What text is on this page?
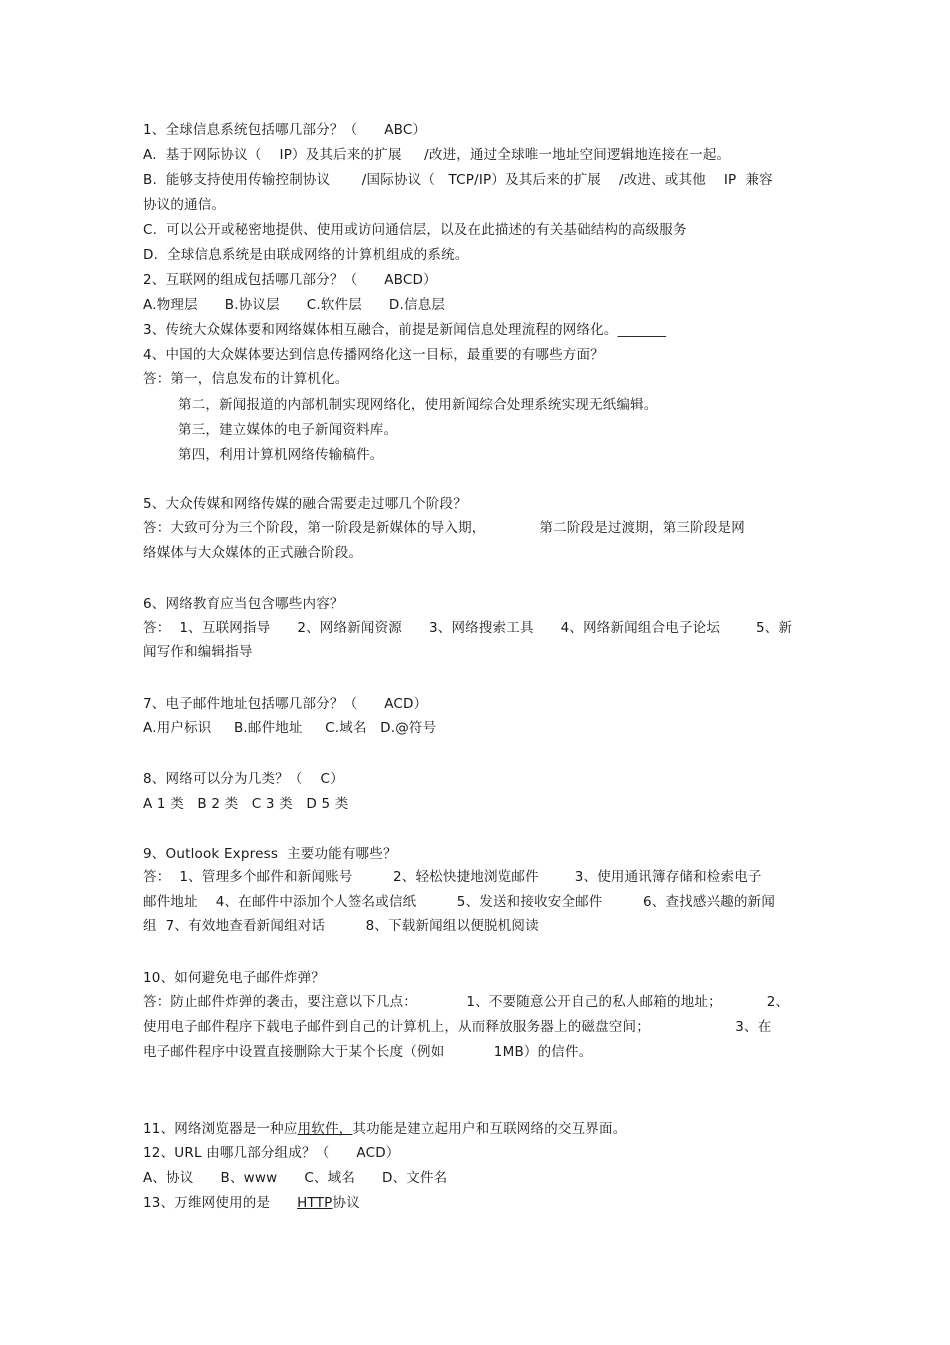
1、全球信息系统包括哪几部分？（      ABC）
A.  基于网际协议（    IP）及其后来的扩展     /改进，通过全球唯一地址空间逻辑地连接在一起。
B.  能够支持使用传输控制协议       /国际协议（   TCP/IP）及其后来的扩展    /改进、或其他    IP  兼容
协议的通信。
C.  可以公开或秘密地提供、使用或访问通信层，以及在此描述的有关基础结构的高级服务
D.  全球信息系统是由联成网络的计算机组成的系统。
2、互联网的组成包括哪几部分？（      ABCD）
A.物理层      B.协议层      C.软件层      D.信息层
3、传统大众媒体要和网络媒体相互融合，前提是新闻信息处理流程的网络化。_______
4、中国的大众媒体要达到信息传播网络化这一目标，最重要的有哪些方面？
答：第一，信息发布的计算机化。
第二，新闻报道的内部机制实现网络化，使用新闻综合处理系统实现无纸编辑。
第三，建立媒体的电子新闻资料库。
第四，利用计算机网络传输稿件。
5、大众传媒和网络传媒的融合需要走过哪几个阶段？
答：大致可分为三个阶段，第一阶段是新媒体的导入期，            第二阶段是过渡期，第三阶段是网
络媒体与大众媒体的正式融合阶段。
6、网络教育应当包含哪些内容？
答：  1、互联网指导      2、网络新闻资源      3、网络搜索工具      4、网络新闻组合电子论坛        5、新
闻写作和编辑指导
7、电子邮件地址包括哪几部分？（      ACD）
A.用户标识     B.邮件地址     C.域名   D.@符号
8、网络可以分为几类？（    C）
A 1 类   B 2 类   C 3 类   D 5 类
9、Outlook Express  主要功能有哪些？
答：  1、管理多个邮件和新闻账号         2、轻松快捷地浏览邮件        3、使用通讯簿存储和检索电子
邮件地址    4、在邮件中添加个人签名或信纸         5、发送和接收安全邮件         6、查找感兴趣的新闻
组  7、有效地查看新闻组对话         8、下载新闻组以便脱机阅读
10、如何避免电子邮件炸弹？
答：防止邮件炸弹的袭击，要注意以下几点：           1、不要随意公开自己的私人邮箱的地址；          2、
使用电子邮件程序下载电子邮件到自己的计算机上，从而释放服务器上的磁盘空间；                   3、在
电子邮件程序中设置直接删除大于某个长度（例如           1MB）的信件。
11、网络浏览器是一种应用软件，其功能是建立起用户和互联网络的交互界面。
12、URL 由哪几部分组成？（      ACD）
A、协议      B、www      C、域名      D、文件名
13、万维网使用的是      HTTP协议
